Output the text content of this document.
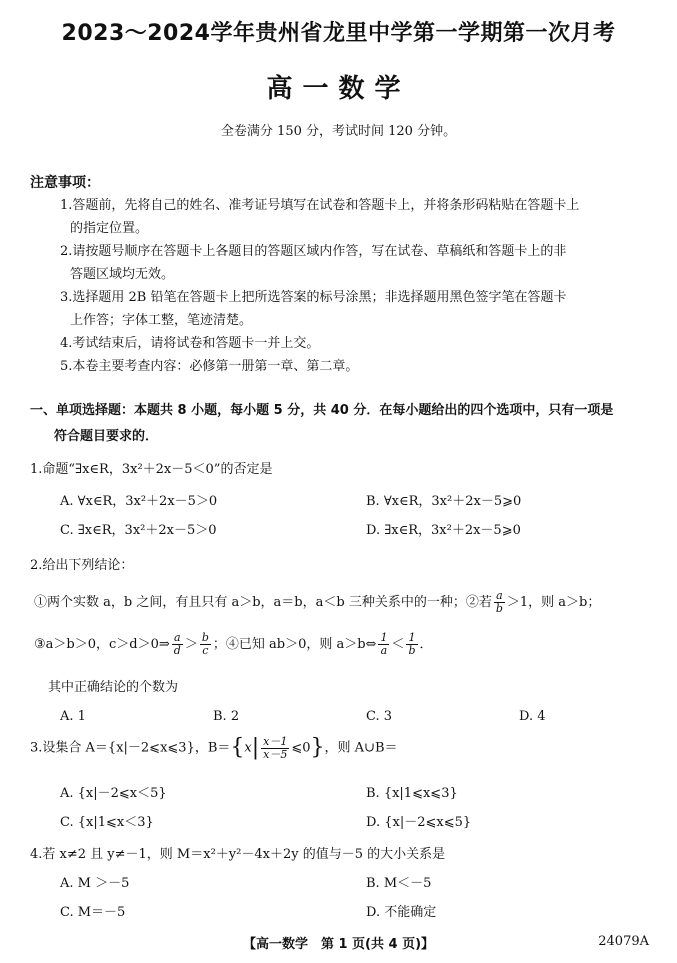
2023～2024学年贵州省龙里中学第一学期第一次月考
高一数学
全卷满分 150 分，考试时间 120 分钟。
注意事项：
1.答题前，先将自己的姓名、准考证号填写在试卷和答题卡上，并将条形码粘贴在答题卡上
的指定位置。
2.请按题号顺序在答题卡上各题目的答题区域内作答，写在试卷、草稿纸和答题卡上的非
答题区域均无效。
3.选择题用 2B 铅笔在答题卡上把所选答案的标号涂黑；非选择题用黑色签字笔在答题卡
上作答；字体工整，笔迹清楚。
4.考试结束后，请将试卷和答题卡一并上交。
5.本卷主要考查内容：必修第一册第一章、第二章。
一、单项选择题：本题共 8 小题，每小题 5 分，共 40 分．在每小题给出的四个选项中，只有一项是
符合题目要求的．
1.命题“∃x∈R，3x²＋2x－5＜0”的否定是
A. ∀x∈R，3x²＋2x－5＞0	B. ∀x∈R，3x²＋2x－5⩾0
C. ∃x∈R，3x²＋2x－5＞0	D. ∃x∈R，3x²＋2x－5⩾0
2.给出下列结论：
①两个实数 a，b 之间，有且只有 a＞b，a＝b，a＜b 三种关系中的一种；②若 $\frac{a}{b} >1$，则 a＞b；
③a＞b＞0，c＞d＞0⇒ $\frac{a}{d} > \frac{b}{c}$ ；④已知 ab＞0，则 a＞b⇔ $\frac{1}{a} < \frac{1}{b}$ ．
其中正确结论的个数为
A. 1	B. 2	C. 3	D. 4
3.设集合 A＝{x|－2⩽x⩽3}，$B=\{x| \frac{x-1}{x-5}$ ⩽0}，则 A∪B＝
A. {x|－2⩽x＜5}	B. {x|1⩽x⩽3}
C. {x|1⩽x＜3}	D. {x|－2⩽x⩽5}
4.若 x≠2 且 y≠－1，则 M＝x²＋y²－4x＋2y 的值与－5 的大小关系是
A. M ＞－5	B. M＜－5
C. M＝－5	D. 不能确定
【高一数学　第 1 页(共 4 页)】	24079A
